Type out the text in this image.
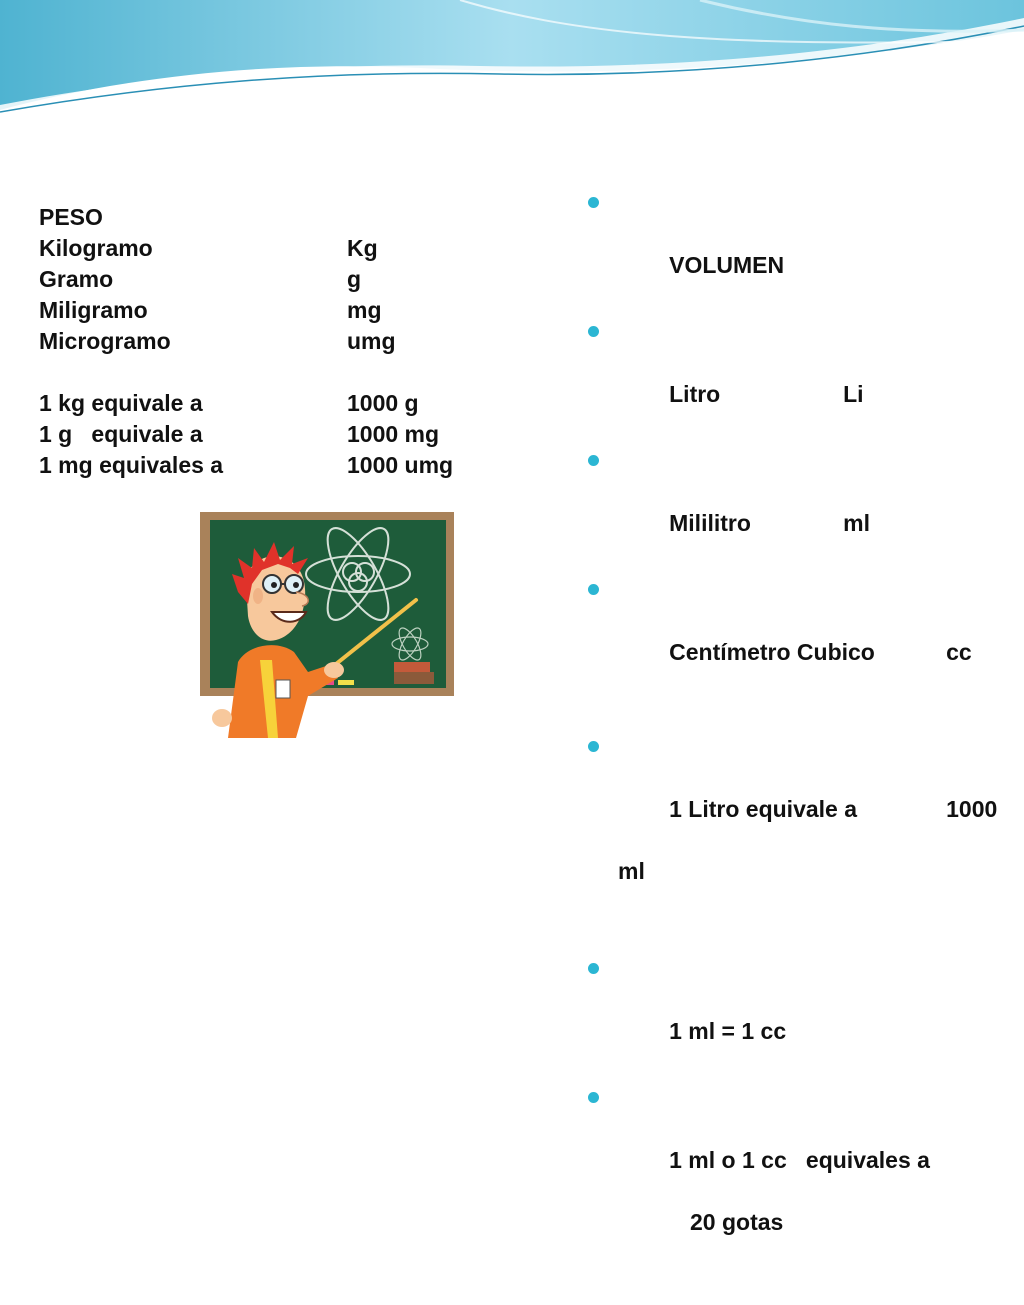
PESO
Kilogramo	Kg
Gramo	g
Miligramo	mg
Microgramo	umg
1 kg equivale a	1000 g
1 g   equivale a	1000 mg
1 mg equivales a	1000 umg

VOLUMEN

Litro	Li

Mililitro	ml

Centímetro Cubico	cc

1 Litro equivale a	1000

ml

1 ml = 1 cc

1 ml o 1 cc   equivales a

20 gotas
